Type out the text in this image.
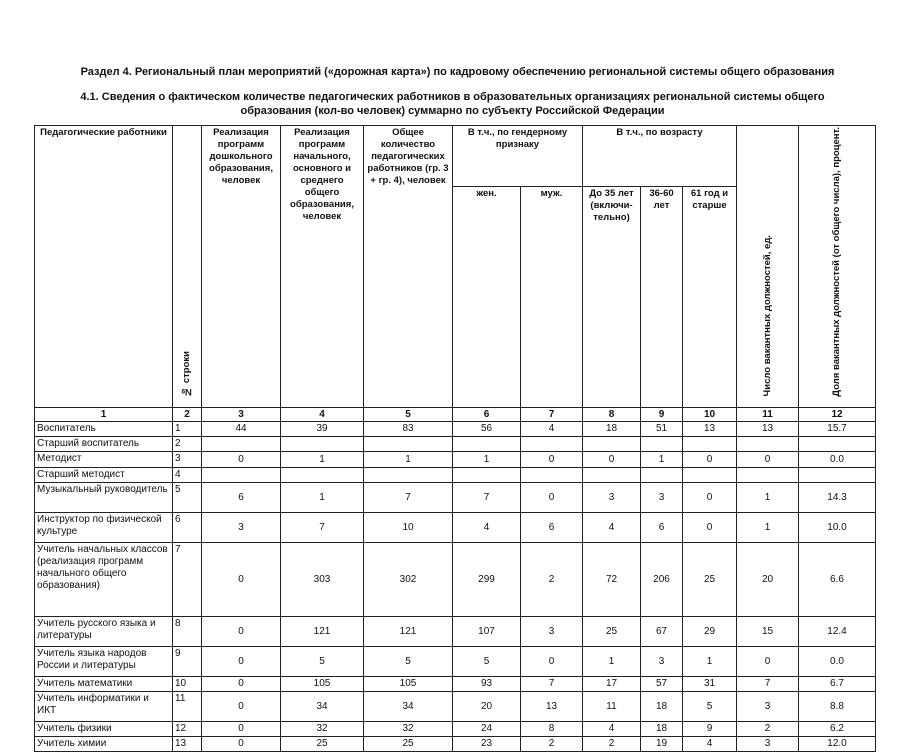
Раздел 4. Региональный план мероприятий («дорожная карта») по кадровому обеспечению региональной системы общего образования
4.1. Сведения о фактическом количестве педагогических работников в образовательных организациях региональной системы общего
образования (кол-во человек) суммарно по субъекту Российской Федерации
Педагогические работники	№ строки	Реализация программ дошкольного образования, человек	Реализация программ начального, основного и среднего общего образования, человек	Общее количество педагогических работников (гр. 3 + гр. 4), человек	В т.ч., по гендерному признаку		В т.ч., по возрасту			Число вакантных должностей, ед.	Доля вакантных должностей (от общего числа), процент.
					жен.	муж.	До 35 лет (включи-тельно)	36-60 лет	61 год и старше		
1	2	3	4	5	6	7	8	9	10	11	12
Воспитатель	1	44	39	83	56	4	18	51	13	13	15.7
Старший воспитатель	2										
Методист	3	0	1	1	1	0	0	1	0	0	0.0
Старший методист	4										
Музыкальный руководитель	5	6	1	7	7	0	3	3	0	1	14.3
Инструктор по физической культуре	6	3	7	10	4	6	4	6	0	1	10.0
Учитель начальных классов (реализация программ начального общего образования)	7	0	303	302	299	2	72	206	25	20	6.6
Учитель русского языка и литературы	8	0	121	121	107	3	25	67	29	15	12.4
Учитель языка народов России и литературы	9	0	5	5	5	0	1	3	1	0	0.0
Учитель математики	10	0	105	105	93	7	17	57	31	7	6.7
Учитель информатики и ИКТ	11	0	34	34	20	13	11	18	5	3	8.8
Учитель физики	12	0	32	32	24	8	4	18	9	2	6.2
Учитель химии	13	0	25	25	23	2	2	19	4	3	12.0
